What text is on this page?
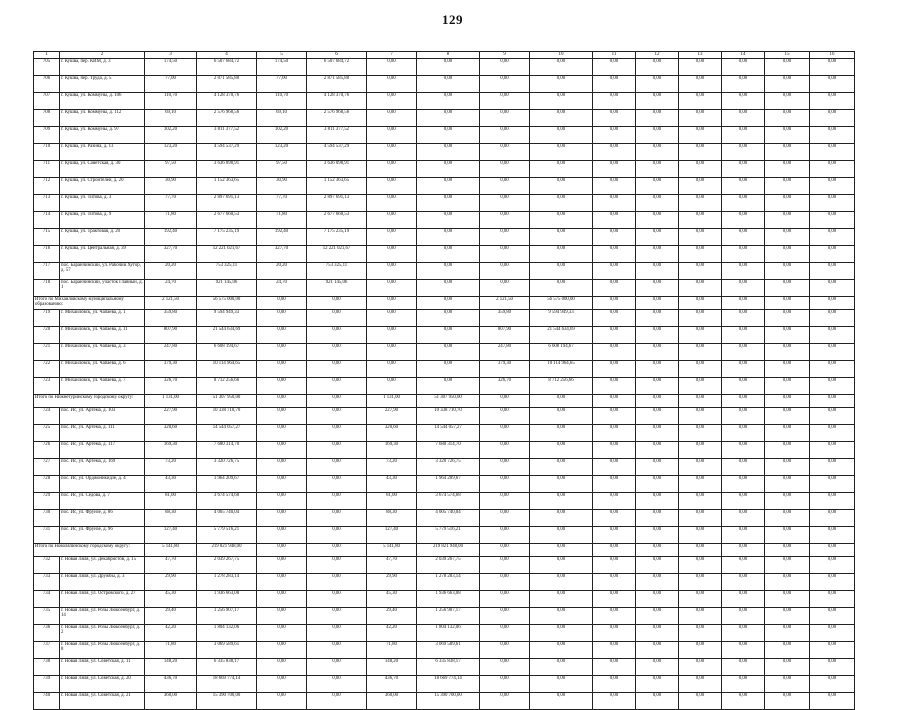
129
1	2	3	4	5	6	7	8	9	10	11	12	13	14	15	16
705	г. Кушва, пер. КИМ, д. 3	174,50	6 507 684,72	174,50	6 507 684,72	0,00	0,00	0,00	0,00	0,00	0,00	0,00	0,00	0,00	0,00
706	г. Кушва, пер. Труда, д. 5	77,00	2 871 585,80	77,00	2 871 585,80	0,00	0,00	0,00	0,00	0,00	0,00	0,00	0,00	0,00	0,00
707	г. Кушва, ул. Коммуны, д. 106	110,70	4 128 370,76	110,70	4 128 370,76	0,00	0,00	0,00	0,00	0,00	0,00	0,00	0,00	0,00	0,00
708	г. Кушва, ул. Коммуны, д. 112	69,10	2 576 968,56	69,10	2 576 968,56	0,00	0,00	0,00	0,00	0,00	0,00	0,00	0,00	0,00	0,00
709	г. Кушва, ул. Коммуны, д. 97	102,20	3 811 377,52	102,20	3 811 377,52	0,00	0,00	0,00	0,00	0,00	0,00	0,00	0,00	0,00	0,00
710	г. Кушва, ул. Разина, д. 13	123,20	4 594 537,29	123,20	4 594 537,29	0,00	0,00	0,00	0,00	0,00	0,00	0,00	0,00	0,00	0,00
711	г. Кушва, ул. Советская, д. 30	97,50	3 636 098,91	97,50	3 636 098,91	0,00	0,00	0,00	0,00	0,00	0,00	0,00	0,00	0,00	0,00
712	г. Кушва, ул. Строителей, д. 20	30,90	1 152 363,65	30,90	1 152 363,65	0,00	0,00	0,00	0,00	0,00	0,00	0,00	0,00	0,00	0,00
713	г. Кушва, ул. Титова, д. 3	77,70	2 897 691,13	77,70	2 897 691,13	0,00	0,00	0,00	0,00	0,00	0,00	0,00	0,00	0,00	0,00
714	г. Кушва, ул. Титова, д. 9	71,80	2 677 660,53	71,80	2 677 660,53	0,00	0,00	0,00	0,00	0,00	0,00	0,00	0,00	0,00	0,00
715	г. Кушва, ул. Трактовая, д. 20	192,40	7 175 235,19	192,40	7 175 235,19	0,00	0,00	0,00	0,00	0,00	0,00	0,00	0,00	0,00	0,00
716	г. Кушва, ул. Центральная, д. 39	327,70	12 221 021,67	327,70	12 221 021,67	0,00	0,00	0,00	0,00	0,00	0,00	0,00	0,00	0,00	0,00
717	пос. Баранчинский, ул. Рабочий Хутор, д. 57	20,20	753 325,11	20,20	753 325,11	0,00	0,00	0,00	0,00	0,00	0,00	0,00	0,00	0,00	0,00
718	пос. Баранчинский, участок Главный, д. 1	24,70	921 145,06	24,70	921 145,06	0,00	0,00	0,00	0,00	0,00	0,00	0,00	0,00	0,00	0,00
Итого по Михайловскому муниципальному образованию:		2 121,50	56 575 000,00	0,00	0,00	0,00	0,00	2 121,50	56 575 000,00	0,00	0,00	0,00	0,00	0,00	0,00
719	г. Михайловск, ул. Чапаева, д. 1	359,80	9 594 949,33	0,00	0,00	0,00	0,00	359,80	9 594 949,33	0,00	0,00	0,00	0,00	0,00	0,00
720	г. Михайловск, ул. Чапаева, д. 11	807,90	21 544 634,69	0,00	0,00	0,00	0,00	807,90	21 544 634,69	0,00	0,00	0,00	0,00	0,00	0,00
721	г. Михайловск, ул. Чапаева, д. 3	247,80	6 608 194,67	0,00	0,00	0,00	0,00	247,80	6 608 194,67	0,00	0,00	0,00	0,00	0,00	0,00
722	г. Михайловск, ул. Чапаева, д. 6	379,30	10 114 964,65	0,00	0,00	0,00	0,00	379,30	10 114 964,65	0,00	0,00	0,00	0,00	0,00	0,00
723	г. Михайловск, ул. Чапаева, д. 7	326,70	8 712 256,66	0,00	0,00	0,00	0,00	326,70	8 712 256,66	0,00	0,00	0,00	0,00	0,00	0,00
Итого по Нижнетуринскому городскому округу:		1 131,00	51 307 950,00	0,00	0,00	1 131,00	51 307 950,00	0,00	0,00	0,00	0,00	0,00	0,00	0,00	0,00
724	пос. Ис, ул. Артема, д. 103	227,90	10 338 710,70	0,00	0,00	227,90	10 338 710,70	0,00	0,00	0,00	0,00	0,00	0,00	0,00	0,00
725	пос. Ис, ул. Артема, д. 111	320,60	14 544 057,27	0,00	0,00	320,60	14 544 057,27	0,00	0,00	0,00	0,00	0,00	0,00	0,00	0,00
726	пос. Ис, ул. Артема, д. 117	169,30	7 680 314,70	0,00	0,00	169,30	7 680 314,70	0,00	0,00	0,00	0,00	0,00	0,00	0,00	0,00
727	пос. Ис, ул. Артема, д. 169	73,20	3 320 726,75	0,00	0,00	73,20	3 320 726,75	0,00	0,00	0,00	0,00	0,00	0,00	0,00	0,00
728	пос. Ис, ул. Орджоникидзе, д. 4	43,30	1 964 209,67	0,00	0,00	43,30	1 964 209,67	0,00	0,00	0,00	0,00	0,00	0,00	0,00	0,00
729	пос. Ис, ул. Седова, д. 7	81,00	3 674 574,68	0,00	0,00	81,00	3 674 574,68	0,00	0,00	0,00	0,00	0,00	0,00	0,00	0,00
730	пос. Ис, ул. Фрунзе, д. 86	88,30	4 005 740,04	0,00	0,00	88,30	4 005 740,04	0,00	0,00	0,00	0,00	0,00	0,00	0,00	0,00
731	пос. Ис, ул. Фрунзе, д. 96	127,40	5 779 516,21	0,00	0,00	127,40	5 779 516,21	0,00	0,00	0,00	0,00	0,00	0,00	0,00	0,00
Итого по Новолялинскому городскому округу:		5 141,80	219 821 948,00	0,00	0,00	5 141,80	219 821 948,00	0,00	0,00	0,00	0,00	0,00	0,00	0,00	0,00
732	г. Новая Ляля, ул. Декабристов, д. 15	47,70	2 039 267,75	0,00	0,00	47,70	2 039 267,75	0,00	0,00	0,00	0,00	0,00	0,00	0,00	0,00
733	г. Новая Ляля, ул. Дружбы, д. 3	29,90	1 278 283,14	0,00	0,00	29,90	1 278 283,14	0,00	0,00	0,00	0,00	0,00	0,00	0,00	0,00
734	г. Новая Ляля, ул. Островского, д. 27	45,30	1 936 663,08	0,00	0,00	45,30	1 936 663,08	0,00	0,00	0,00	0,00	0,00	0,00	0,00	0,00
735	г. Новая Ляля, ул. Розы Люксембург, д. 14	29,40	1 256 907,17	0,00	0,00	29,40	1 256 907,17	0,00	0,00	0,00	0,00	0,00	0,00	0,00	0,00
736	г. Новая Ляля, ул. Розы Люксембург, д. 2	42,20	1 804 132,06	0,00	0,00	42,20	1 804 132,06	0,00	0,00	0,00	0,00	0,00	0,00	0,00	0,00
737	г. Новая Ляля, ул. Розы Люксембург, д. 8	71,80	3 069 589,61	0,00	0,00	71,80	3 069 589,61	0,00	0,00	0,00	0,00	0,00	0,00	0,00	0,00
738	г. Новая Ляля, ул. Советская, д. 11	148,20	6 335 838,17	0,00	0,00	148,20	6 335 838,17	0,00	0,00	0,00	0,00	0,00	0,00	0,00	0,00
739	г. Новая Ляля, ул. Советская, д. 20	436,70	18 669 774,14	0,00	0,00	436,70	18 669 774,14	0,00	0,00	0,00	0,00	0,00	0,00	0,00	0,00
740	г. Новая Ляля, ул. Советская, д. 21	360,00	15 390 700,00	0,00	0,00	360,00	15 390 700,00	0,00	0,00	0,00	0,00	0,00	0,00	0,00	0,00
